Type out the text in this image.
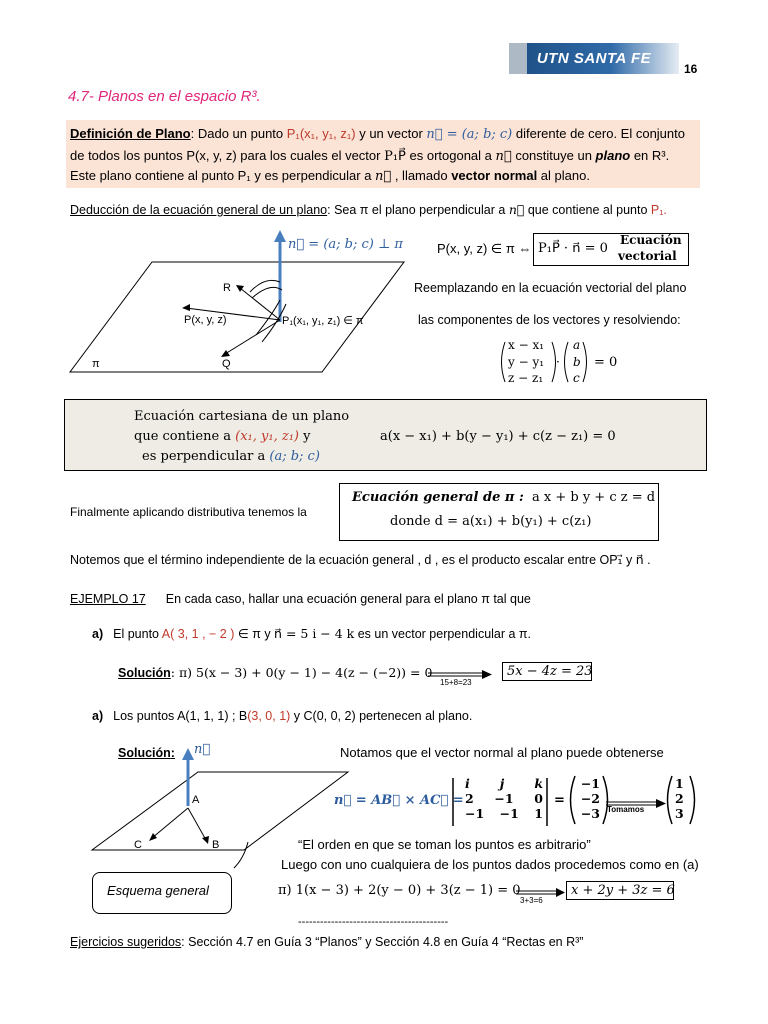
UTN SANTA FE
16
4.7- Planos en el espacio R³.
Definición de Plano: Dado un punto P₁(x₁, y₁, z₁) y un vector n⃗ = (a; b; c) diferente de cero. El conjunto
de todos los puntos P(x, y, z) para los cuales el vector P₁P⃗ es ortogonal a n⃗ constituye un plano en R³.
Este plano contiene al punto P₁ y es perpendicular a n⃗ , llamado vector normal al plano.
Deducción de la ecuación general de un plano: Sea π el plano perpendicular a n⃗ que contiene al punto P₁.
n⃗ = (a; b; c) ⊥ π
R
P(x, y, z)	P₁(x₁, y₁, z₁) ∈ π
π	Q
P(x, y, z) ∈ π ⇔ P₁P⃗ · n⃗ = 0
Ecuación
vectorial
Reemplazando en la ecuación vectorial del plano
las componentes de los vectores y resolviendo:
x − x₁
y − y₁
z − z₁
·
a
b
c
= 0
Ecuación cartesiana de un plano
que contiene a (x₁, y₁, z₁) y
es perpendicular a (a; b; c)
a(x − x₁) + b(y − y₁) + c(z − z₁) = 0
Finalmente aplicando distributiva tenemos la
Ecuación general de π : a x + b y + c z = d
donde d = a(x₁) + b(y₁) + c(z₁)
Notemos que el término independiente de la ecuación general , d , es el producto escalar entre OP₁⃗ y n⃗ .
EJEMPLO 17 En cada caso, hallar una ecuación general para el plano π tal que
a) El punto A( 3, 1 , − 2 ) ∈ π y n⃗ = 5 i − 4 k es un vector perpendicular a π.
Solución: π) 5(x − 3) + 0(y − 1) − 4(z − (−2)) = 0
15+8=23
5x − 4z = 23
a) Los puntos A(1, 1, 1) ; B(3, 0, 1) y C(0, 0, 2) pertenecen al plano.
Solución: n⃗
A
C	B
Notamos que el vector normal al plano puede obtenerse
n⃗ = AB⃗ × AC⃗ =
i j k
2 −1 0
−1 −1 1
=
−1
−2
−3 Tomamos
1
2
3
“El orden en que se toman los puntos es arbitrario”
Luego con uno cualquiera de los puntos dados procedemos como en (a)
Esquema general	π) 1(x − 3) + 2(y − 0) + 3(z − 1) = 0
3+3=6
x + 2y + 3z = 6
-----------------------------------------
Ejercicios sugeridos: Sección 4.7 en Guía 3 “Planos” y Sección 4.8 en Guía 4 “Rectas en R³”
